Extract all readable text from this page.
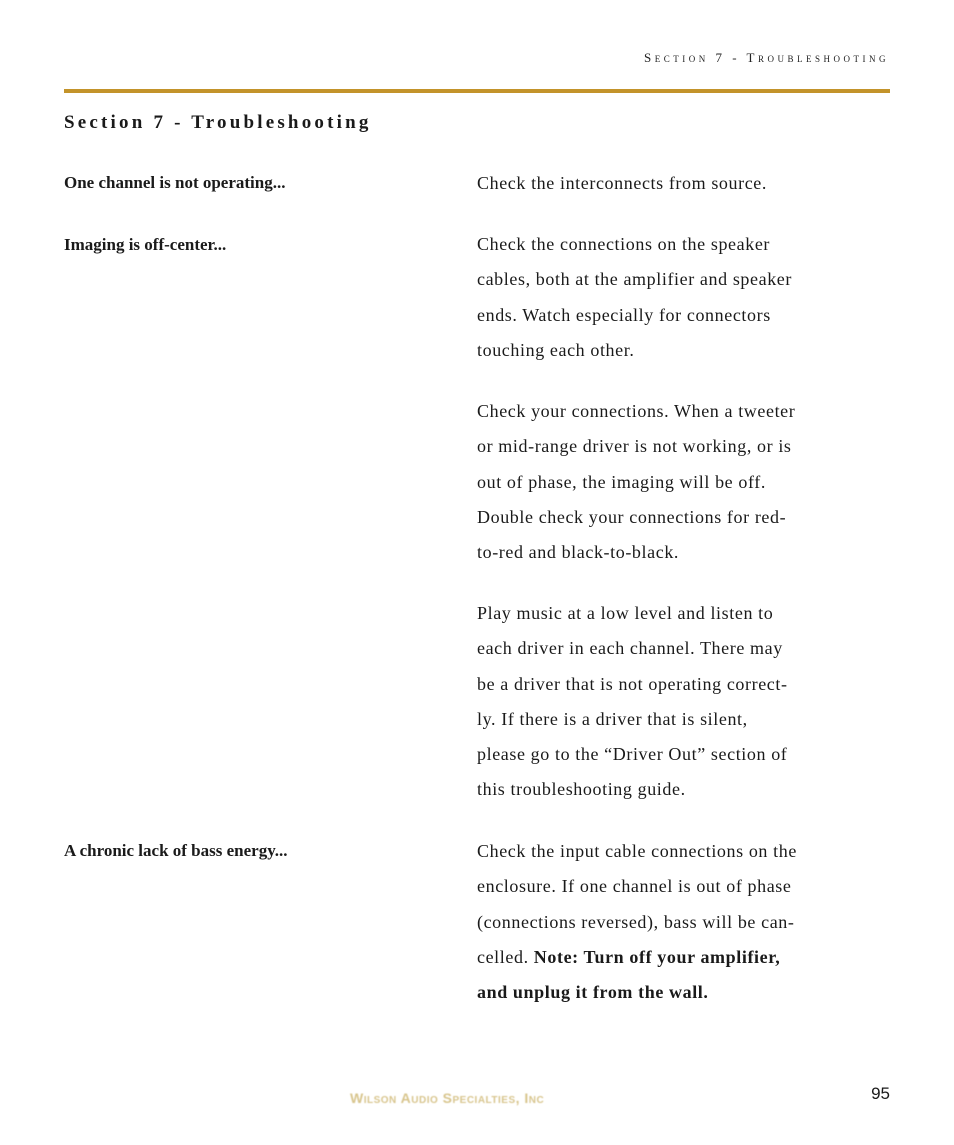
Section 7 - Troubleshooting
Section 7 - Troubleshooting
One channel is not operating...	Check the interconnects from source.

Imaging is off-center...	Check the connections on the speaker
cables, both at the amplifier and speaker
ends. Watch especially for connectors
touching each other.

Check your connections. When a tweeter
or mid-range driver is not working, or is
out of phase, the imaging will be off.
Double check your connections for red-
to-red and black-to-black.

Play music at a low level and listen to
each driver in each channel. There may
be a driver that is not operating correct-
ly. If there is a driver that is silent,
please go to the “Driver Out” section of
this troubleshooting guide.

A chronic lack of bass energy...	Check the input cable connections on the
enclosure. If one channel is out of phase
(connections reversed), bass will be can-
celled. Note: Turn off your amplifier,
and unplug it from the wall.

Wilson Audio Specialties, Inc	95
